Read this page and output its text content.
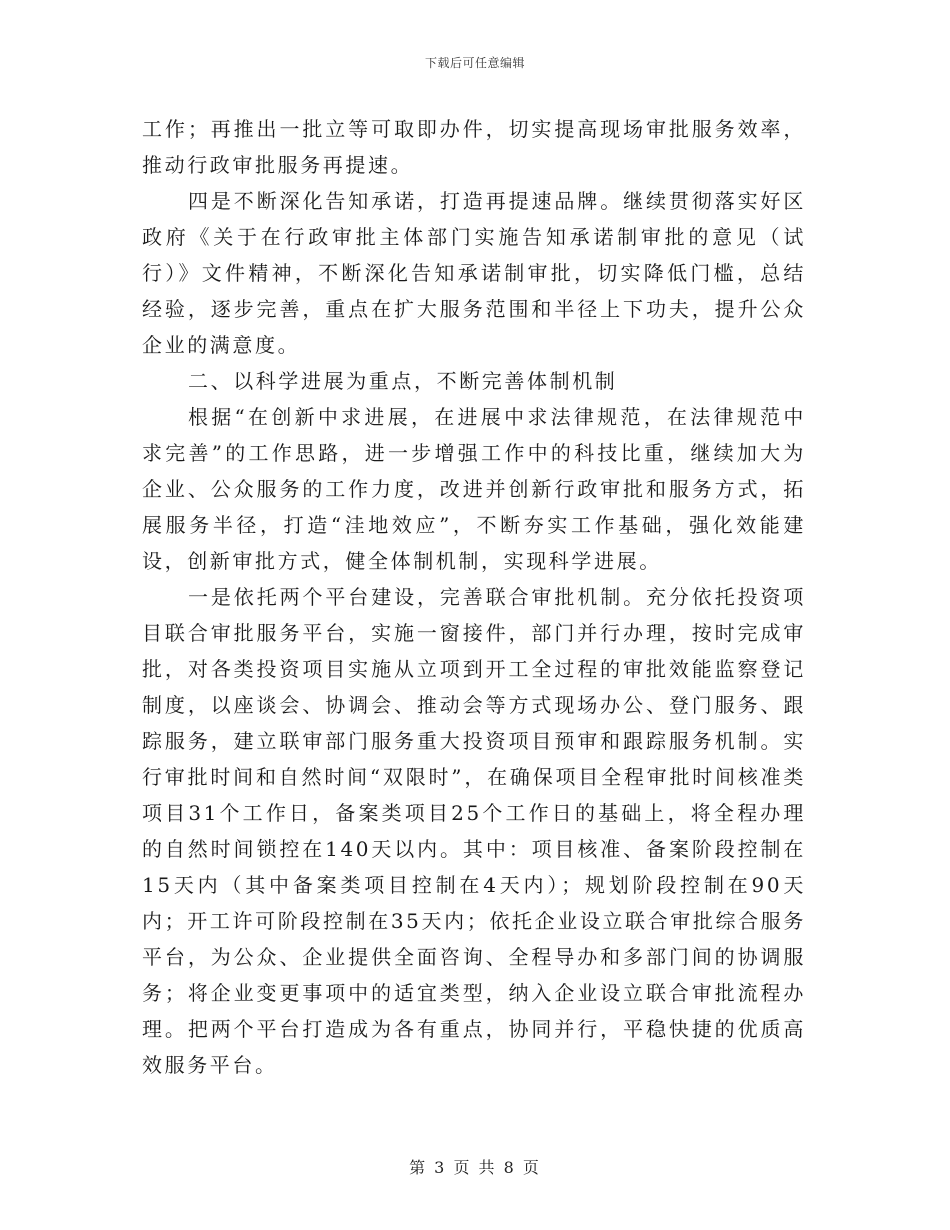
下载后可任意编辑

工作；再推出一批立等可取即办件，切实提高现场审批服务效率，推动行政审批服务再提速。

四是不断深化告知承诺，打造再提速品牌。继续贯彻落实好区政府《关于在行政审批主体部门实施告知承诺制审批的意见（试行）》文件精神，不断深化告知承诺制审批，切实降低门槛，总结经验，逐步完善，重点在扩大服务范围和半径上下功夫，提升公众企业的满意度。

二、以科学进展为重点，不断完善体制机制

根据“在创新中求进展，在进展中求法律规范，在法律规范中求完善”的工作思路，进一步增强工作中的科技比重，继续加大为企业、公众服务的工作力度，改进并创新行政审批和服务方式，拓展服务半径，打造“洼地效应”，不断夯实工作基础，强化效能建设，创新审批方式，健全体制机制，实现科学进展。

一是依托两个平台建设，完善联合审批机制。充分依托投资项目联合审批服务平台，实施一窗接件，部门并行办理，按时完成审批，对各类投资项目实施从立项到开工全过程的审批效能监察登记制度，以座谈会、协调会、推动会等方式现场办公、登门服务、跟踪服务，建立联审部门服务重大投资项目预审和跟踪服务机制。实行审批时间和自然时间“双限时”，在确保项目全程审批时间核准类项目31个工作日，备案类项目25个工作日的基础上，将全程办理的自然时间锁控在140天以内。其中：项目核准、备案阶段控制在15天内（其中备案类项目控制在4天内）；规划阶段控制在90天内；开工许可阶段控制在35天内；依托企业设立联合审批综合服务平台，为公众、企业提供全面咨询、全程导办和多部门间的协调服务；将企业变更事项中的适宜类型，纳入企业设立联合审批流程办理。把两个平台打造成为各有重点，协同并行，平稳快捷的优质高效服务平台。

第 3 页 共 8 页
